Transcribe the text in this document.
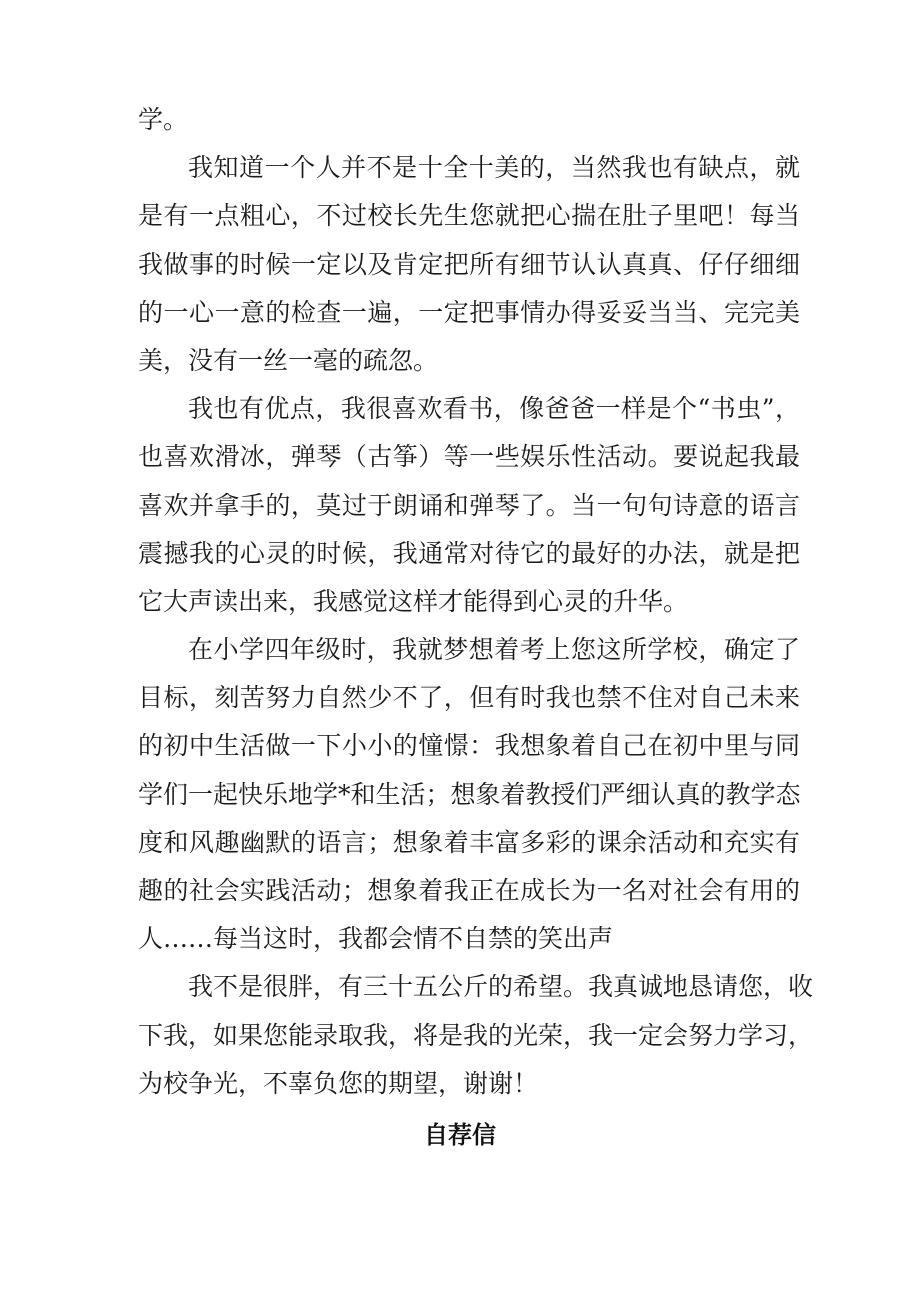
学。
我知道一个人并不是十全十美的，当然我也有缺点，就
是有一点粗心，不过校长先生您就把心揣在肚子里吧！每当
我做事的时候一定以及肯定把所有细节认认真真、仔仔细细
的一心一意的检查一遍，一定把事情办得妥妥当当、完完美
美，没有一丝一毫的疏忽。
我也有优点，我很喜欢看书，像爸爸一样是个“书虫”，
也喜欢滑冰，弹琴（古筝）等一些娱乐性活动。要说起我最
喜欢并拿手的，莫过于朗诵和弹琴了。当一句句诗意的语言
震撼我的心灵的时候，我通常对待它的最好的办法，就是把
它大声读出来，我感觉这样才能得到心灵的升华。
在小学四年级时，我就梦想着考上您这所学校，确定了
目标，刻苦努力自然少不了，但有时我也禁不住对自己未来
的初中生活做一下小小的憧憬：我想象着自己在初中里与同
学们一起快乐地学*和生活；想象着教授们严细认真的教学态
度和风趣幽默的语言；想象着丰富多彩的课余活动和充实有
趣的社会实践活动；想象着我正在成长为一名对社会有用的
人……每当这时，我都会情不自禁的笑出声
我不是很胖，有三十五公斤的希望。我真诚地恳请您，收
下我，如果您能录取我，将是我的光荣，我一定会努力学习，
为校争光，不辜负您的期望，谢谢！
自荐信
